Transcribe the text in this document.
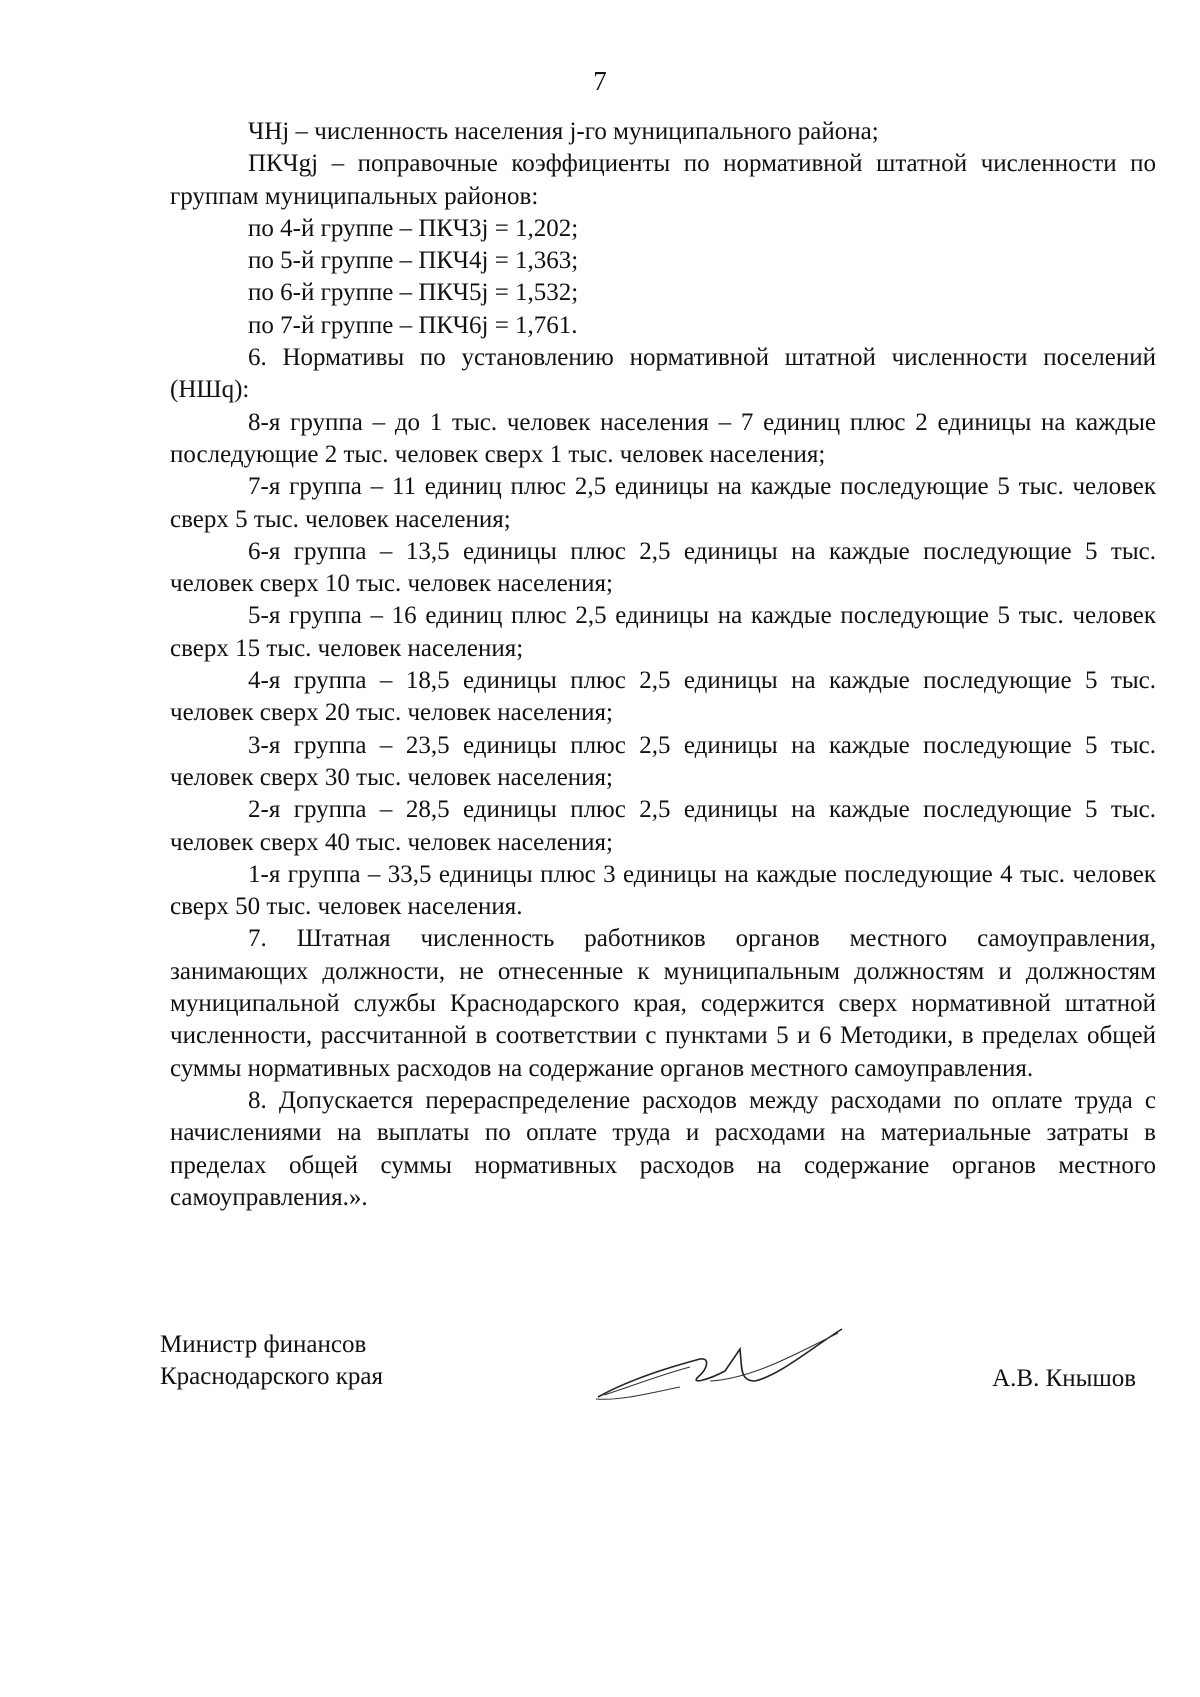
7

ЧНj – численность населения j-го муниципального района;

ПКЧgj – поправочные коэффициенты по нормативной штатной численности по группам муниципальных районов:

по 4-й группе – ПКЧ3j = 1,202;

по 5-й группе – ПКЧ4j = 1,363;

по 6-й группе – ПКЧ5j = 1,532;

по 7-й группе – ПКЧ6j = 1,761.

6. Нормативы по установлению нормативной штатной численности поселений (НШq):

8-я группа – до 1 тыс. человек населения – 7 единиц плюс 2 единицы на каждые последующие 2 тыс. человек сверх 1 тыс. человек населения;

7-я группа – 11 единиц плюс 2,5 единицы на каждые последующие 5 тыс. человек сверх 5 тыс. человек населения;

6-я группа – 13,5 единицы плюс 2,5 единицы на каждые последующие 5 тыс. человек сверх 10 тыс. человек населения;

5-я группа – 16 единиц плюс 2,5 единицы на каждые последующие 5 тыс. человек сверх 15 тыс. человек населения;

4-я группа – 18,5 единицы плюс 2,5 единицы на каждые последующие 5 тыс. человек сверх 20 тыс. человек населения;

3-я группа – 23,5 единицы плюс 2,5 единицы на каждые последующие 5 тыс. человек сверх 30 тыс. человек населения;

2-я группа – 28,5 единицы плюс 2,5 единицы на каждые последующие 5 тыс. человек сверх 40 тыс. человек населения;

1-я группа – 33,5 единицы плюс 3 единицы на каждые последующие 4 тыс. человек сверх 50 тыс. человек населения.

7. Штатная численность работников органов местного самоуправления, занимающих должности, не отнесенные к муниципальным должностям и должностям муниципальной службы Краснодарского края, содержится сверх нормативной штатной численности, рассчитанной в соответствии с пунктами 5 и 6 Методики, в пределах общей суммы нормативных расходов на содержание органов местного самоуправления.

8. Допускается перераспределение расходов между расходами по оплате труда с начислениями на выплаты по оплате труда и расходами на материальные затраты в пределах общей суммы нормативных расходов на содержание органов местного самоуправления.».

Министр финансов
Краснодарского края	А.В. Кнышов
